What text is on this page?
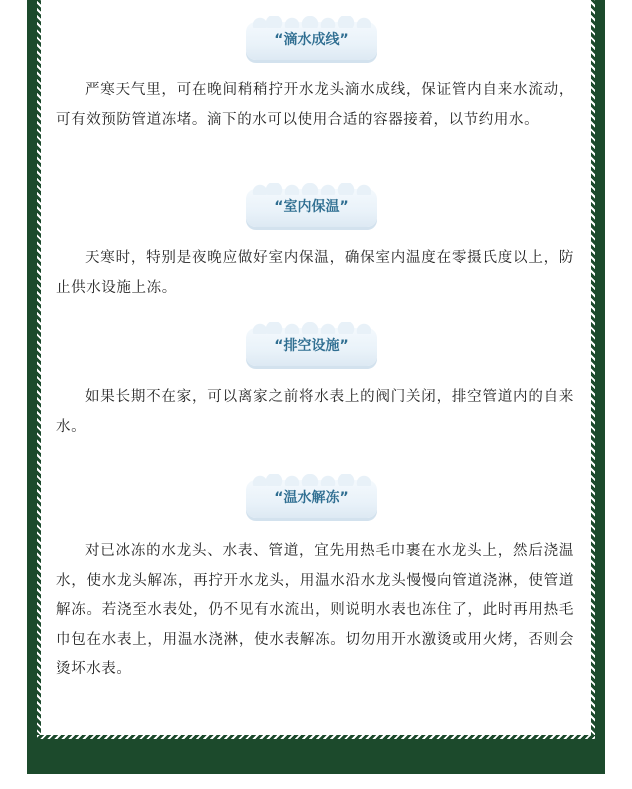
“滴水成线”

严寒天气里，可在晚间稍稍拧开水龙头滴水成线，保证管内自来水流动，可有效预防管道冻堵。滴下的水可以使用合适的容器接着，以节约用水。

“室内保温”

天寒时，特别是夜晚应做好室内保温，确保室内温度在零摄氏度以上，防止供水设施上冻。

“排空设施”

如果长期不在家，可以离家之前将水表上的阀门关闭，排空管道内的自来水。

“温水解冻”

对已冰冻的水龙头、水表、管道，宜先用热毛巾裹在水龙头上，然后浇温水，使水龙头解冻，再拧开水龙头，用温水沿水龙头慢慢向管道浇淋，使管道解冻。若浇至水表处，仍不见有水流出，则说明水表也冻住了，此时再用热毛巾包在水表上，用温水浇淋，使水表解冻。切勿用开水激烫或用火烤，否则会烫坏水表。
